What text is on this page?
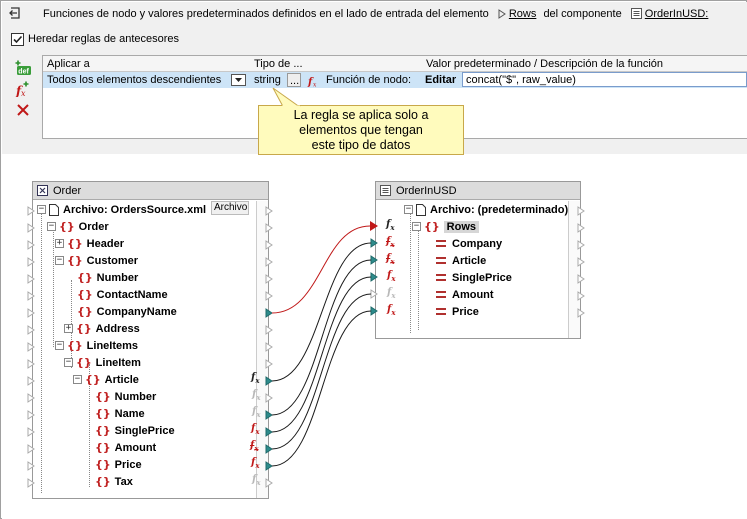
Funciones de nodo y valores predeterminados definidos en el lado de entrada del elemento Rows del componente OrderInUSD:
Heredar reglas de antecesores
def
f x
Aplicar a	Tipo de ...	Valor predeterminado / Descripción de la función
Todos los elementos descendientes	string ... f x Función de nodo:	Editar concat("$", raw_value)
La regla se aplica solo a
elementos que tengan
este tipo de datos
Order
− Archivo: OrdersSource.xml Archivo
− {} Order
+ {} Header
− {} Customer
{} Number
{} ContactName
{} CompanyName
+ {} Address
− {} LineItems
− {} LineItem
− {} Article
{} Number
{} Name
{} SinglePrice
{} Amount
{} Price
{} Tax
$f_x$
$f_x$
$f_x$
$f_x$
$f_x$
$f_x$
$f_x$
OrderInUSD
− Archivo: (predeterminado)
− {} Rows
Company
Article
SinglePrice
Amount
Price
$f_x$
$f_x$
$f_x$
$f_x$
$f_x$
$f_x$
